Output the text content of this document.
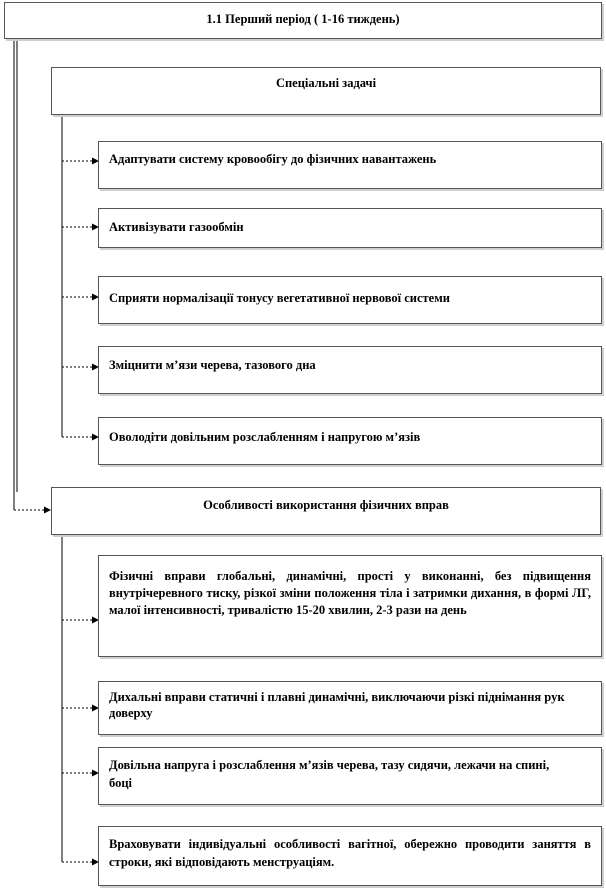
1.1 Перший період ( 1-16 тиждень)
Спеціальні задачі
Адаптувати систему кровообігу до фізичних навантажень
Активізувати газообмін
Сприяти нормалізації тонусу вегетативної нервової системи
Зміцнити м’язи черева, тазового дна
Оволодіти довільним розслабленням і напругою м’язів
Особливості використання фізичних вправ
Фізичні вправи глобальні, динамічні, прості у виконанні, без підвищення внутрічеревного тиску, різкої зміни положення тіла і затримки дихання, в формі ЛГ, малої інтенсивності, тривалістю 15-20 хвилин, 2-3 рази на день
Дихальні вправи статичні і плавні динамічні, виключаючи різкі піднімання рук доверху
Довільна напруга і розслаблення м’язів черева, тазу сидячи, лежачи на спині, боці
Враховувати індивідуальні особливості вагітної, обережно проводити заняття в строки, які відповідають менструаціям.
